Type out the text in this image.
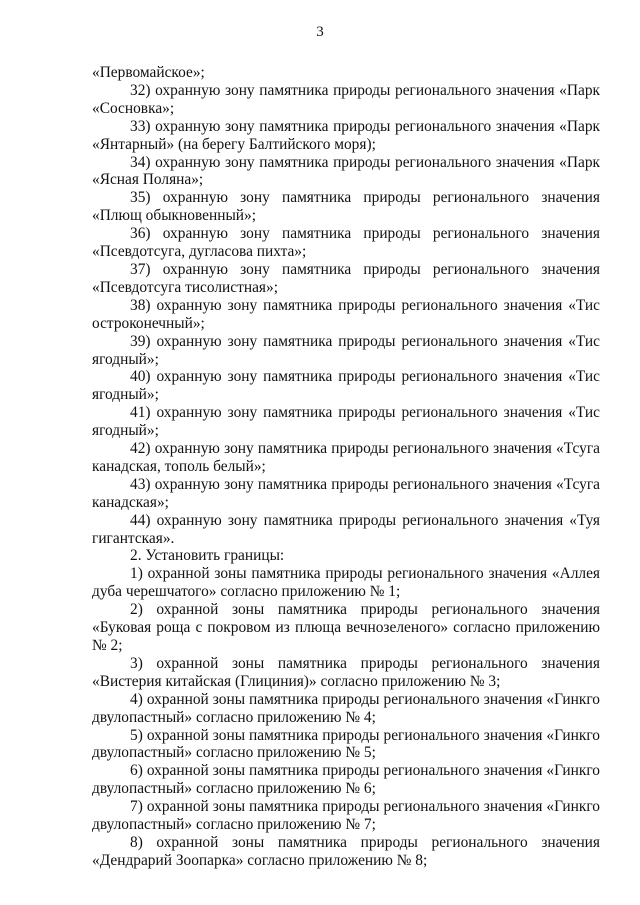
3

«Первомайское»;

32) охранную зону памятника природы регионального значения «Парк «Сосновка»;

33) охранную зону памятника природы регионального значения «Парк «Янтарный» (на берегу Балтийского моря);

34) охранную зону памятника природы регионального значения «Парк «Ясная Поляна»;

35) охранную зону памятника природы регионального значения «Плющ обыкновенный»;

36) охранную зону памятника природы регионального значения «Псевдотсуга, дугласова пихта»;

37) охранную зону памятника природы регионального значения «Псевдотсуга тисолистная»;

38) охранную зону памятника природы регионального значения «Тис остроконечный»;

39) охранную зону памятника природы регионального значения «Тис ягодный»;

40) охранную зону памятника природы регионального значения «Тис ягодный»;

41) охранную зону памятника природы регионального значения «Тис ягодный»;

42) охранную зону памятника природы регионального значения «Тсуга канадская, тополь белый»;

43) охранную зону памятника природы регионального значения «Тсуга канадская»;

44) охранную зону памятника природы регионального значения «Туя гигантская».

2. Установить границы:

1) охранной зоны памятника природы регионального значения «Аллея дуба черешчатого» согласно приложению № 1;

2) охранной зоны памятника природы регионального значения «Буковая роща с покровом из плюща вечнозеленого» согласно приложению № 2;

3) охранной зоны памятника природы регионального значения «Вистерия китайская (Глициния)» согласно приложению № 3;

4) охранной зоны памятника природы регионального значения «Гинкго двулопастный» согласно приложению № 4;

5) охранной зоны памятника природы регионального значения «Гинкго двулопастный» согласно приложению № 5;

6) охранной зоны памятника природы регионального значения «Гинкго двулопастный» согласно приложению № 6;

7) охранной зоны памятника природы регионального значения «Гинкго двулопастный» согласно приложению № 7;

8) охранной зоны памятника природы регионального значения «Дендрарий Зоопарка» согласно приложению № 8;
